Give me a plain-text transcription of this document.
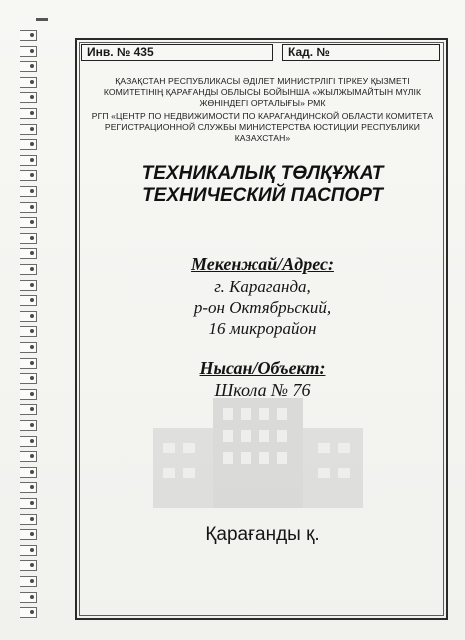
Инв. № 435	Кад. №
ҚАЗАҚСТАН РЕСПУБЛИКАСЫ ӘДІЛЕТ МИНИСТРЛІГІ ТІРКЕУ ҚЫЗМЕТІ
КОМИТЕТІНІҢ ҚАРАҒАНДЫ ОБЛЫСЫ БОЙЫНША «ЖЫЛЖЫМАЙТЫН МҮЛІК
ЖӨНІНДЕГІ ОРТАЛЫҒЫ» РМК
РГП «ЦЕНТР ПО НЕДВИЖИМОСТИ ПО КАРАГАНДИНСКОЙ ОБЛАСТИ КОМИТЕТА
РЕГИСТРАЦИОННОЙ СЛУЖБЫ МИНИСТЕРСТВА ЮСТИЦИИ РЕСПУБЛИКИ
КАЗАХСТАН»
ТЕХНИКАЛЫҚ ТӨЛҚҰЖАТ
ТЕХНИЧЕСКИЙ ПАСПОРТ
Мекенжай/Адрес:
г. Караганда,
р-он Октябрьский,
16 микрорайон
Нысан/Объект:
Школа № 76
Қарағанды қ.
